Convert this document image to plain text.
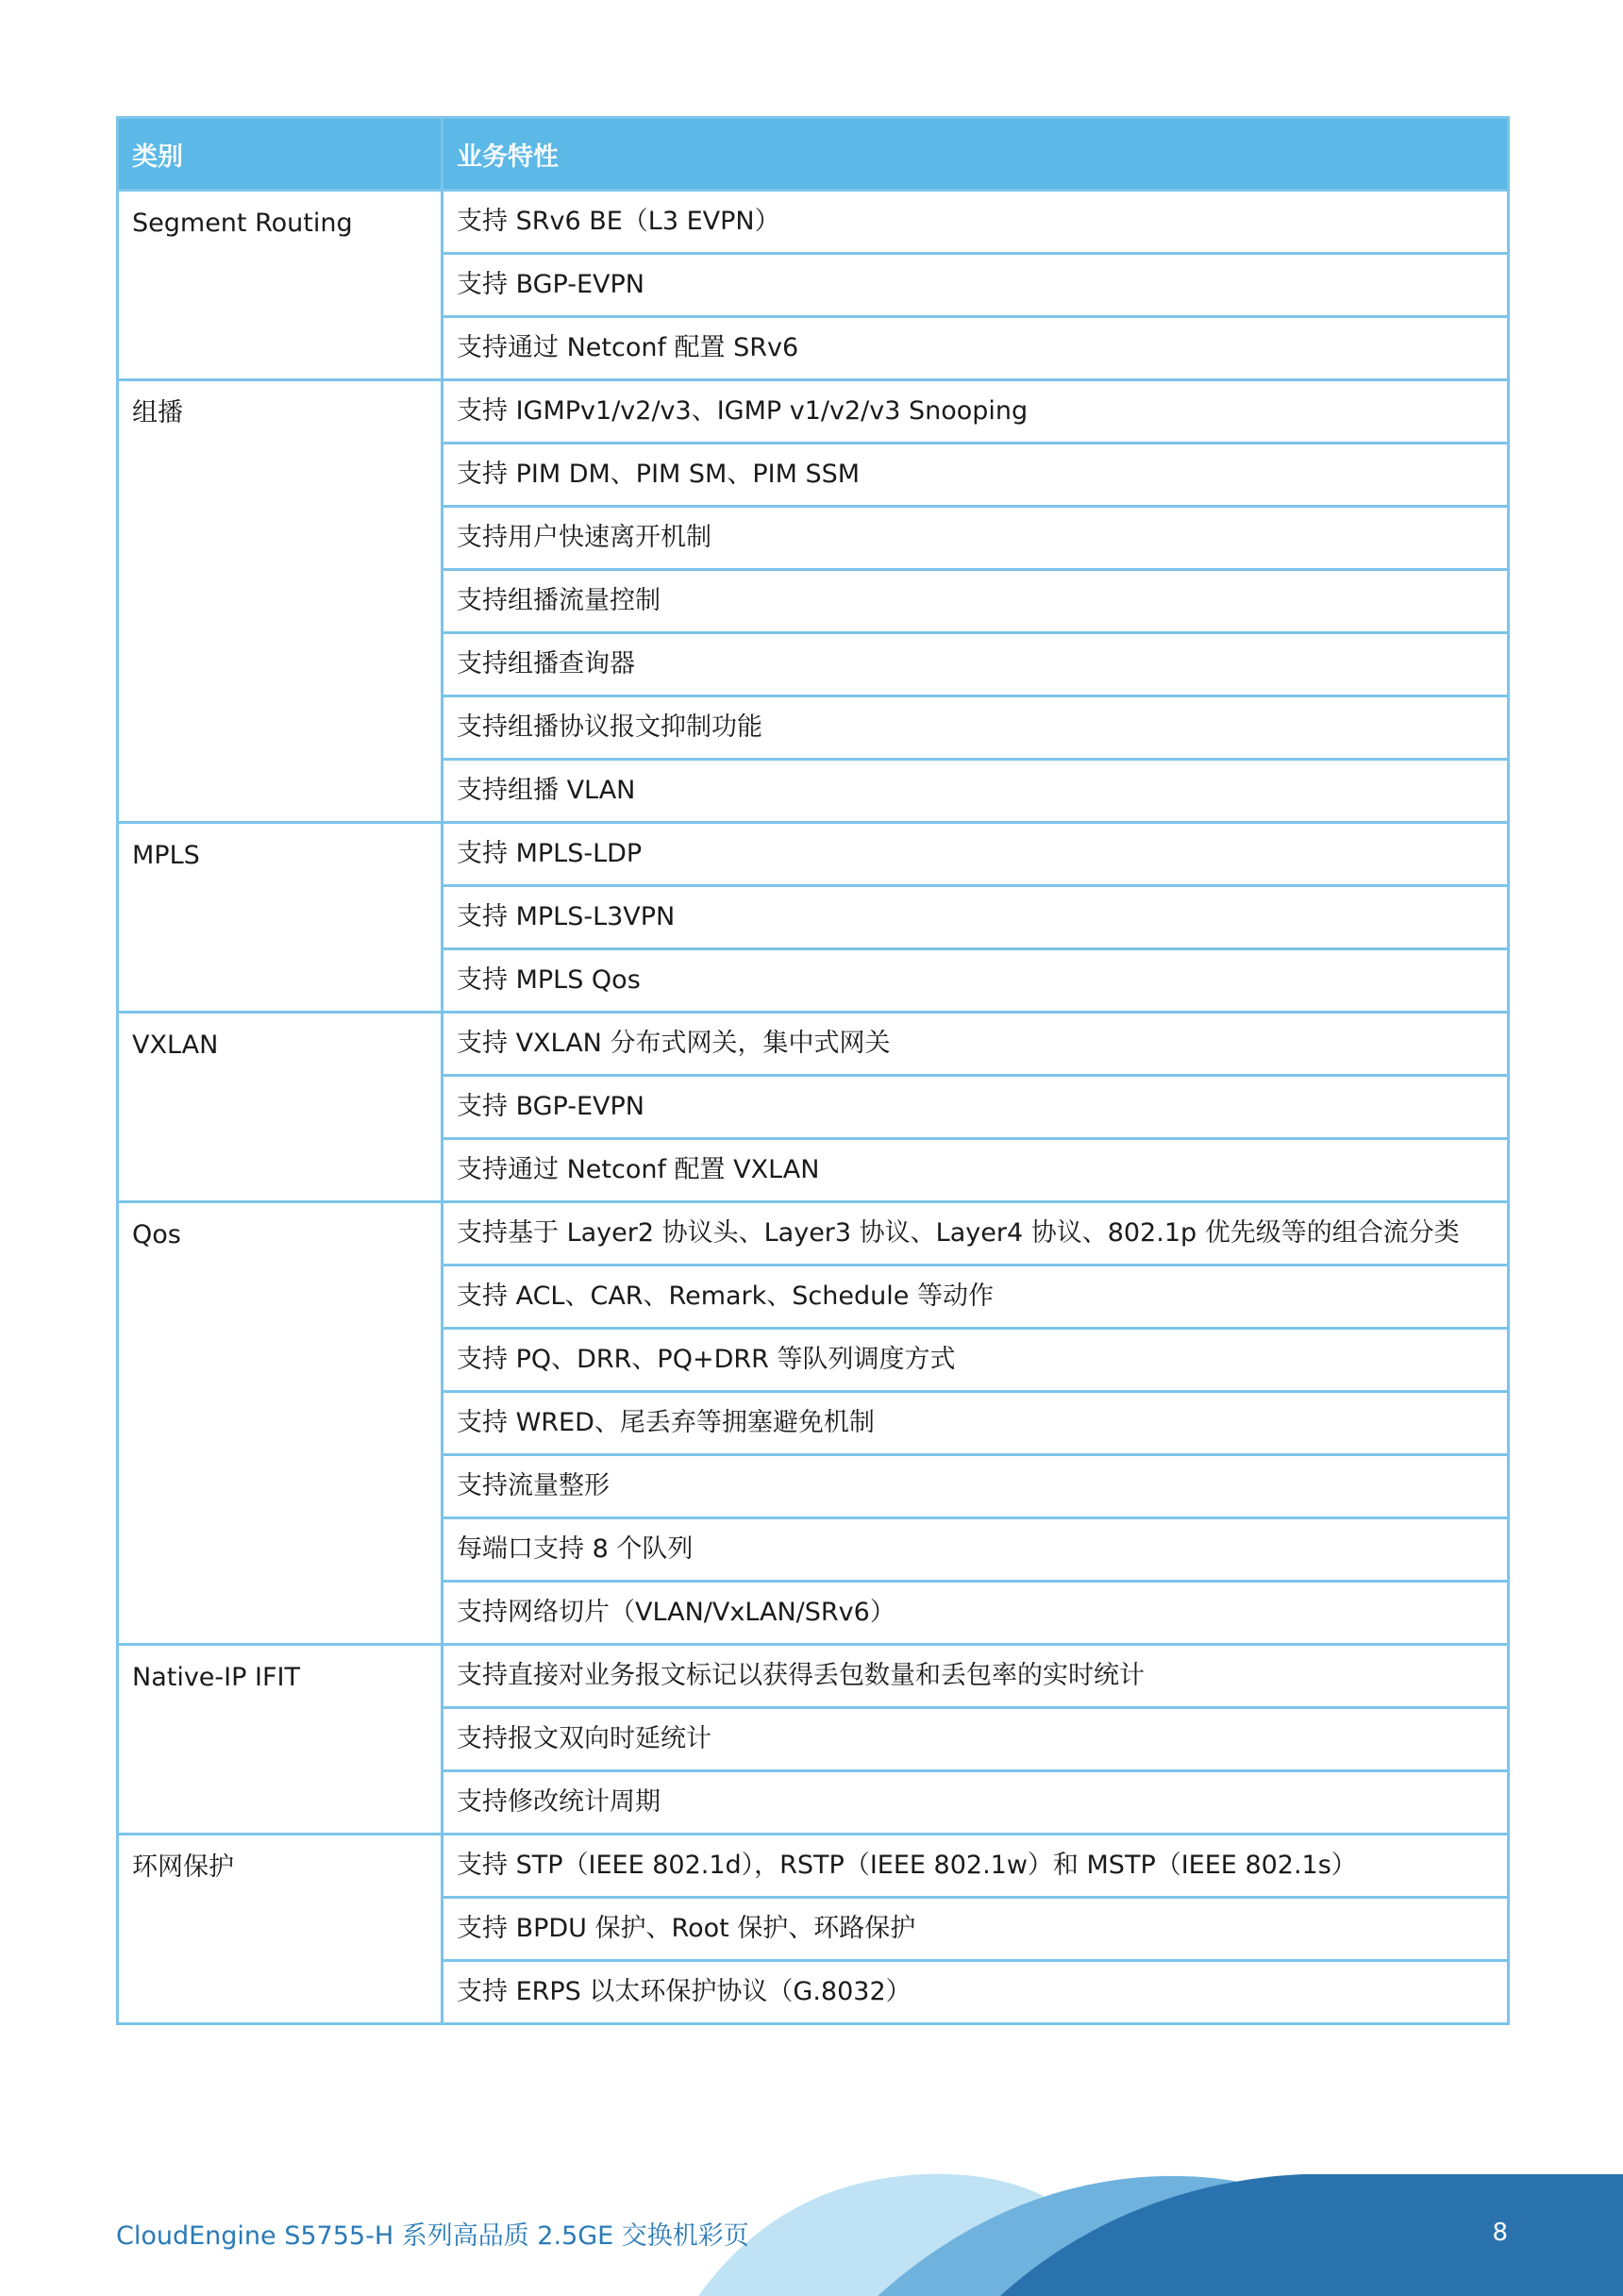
类别	业务特性
Segment Routing	支持 SRv6 BE（L3 EVPN）
	支持 BGP-EVPN
	支持通过 Netconf 配置 SRv6
组播	支持 IGMPv1/v2/v3、IGMP v1/v2/v3 Snooping
	支持 PIM DM、PIM SM、PIM SSM
	支持用户快速离开机制
	支持组播流量控制
	支持组播查询器
	支持组播协议报文抑制功能
	支持组播 VLAN
MPLS	支持 MPLS-LDP
	支持 MPLS-L3VPN
	支持 MPLS Qos
VXLAN	支持 VXLAN 分布式网关，集中式网关
	支持 BGP-EVPN
	支持通过 Netconf 配置 VXLAN
Qos	支持基于 Layer2 协议头、Layer3 协议、Layer4 协议、802.1p 优先级等的组合流分类
	支持 ACL、CAR、Remark、Schedule 等动作
	支持 PQ、DRR、PQ+DRR 等队列调度方式
	支持 WRED、尾丢弃等拥塞避免机制
	支持流量整形
	每端口支持 8 个队列
	支持网络切片（VLAN/VxLAN/SRv6）
Native-IP IFIT	支持直接对业务报文标记以获得丢包数量和丢包率的实时统计
	支持报文双向时延统计
	支持修改统计周期
环网保护	支持 STP（IEEE 802.1d），RSTP（IEEE 802.1w）和 MSTP（IEEE 802.1s）
	支持 BPDU 保护、Root 保护、环路保护
	支持 ERPS 以太环保护协议（G.8032）
CloudEngine S5755-H 系列高品质 2.5GE 交换机彩页	8
